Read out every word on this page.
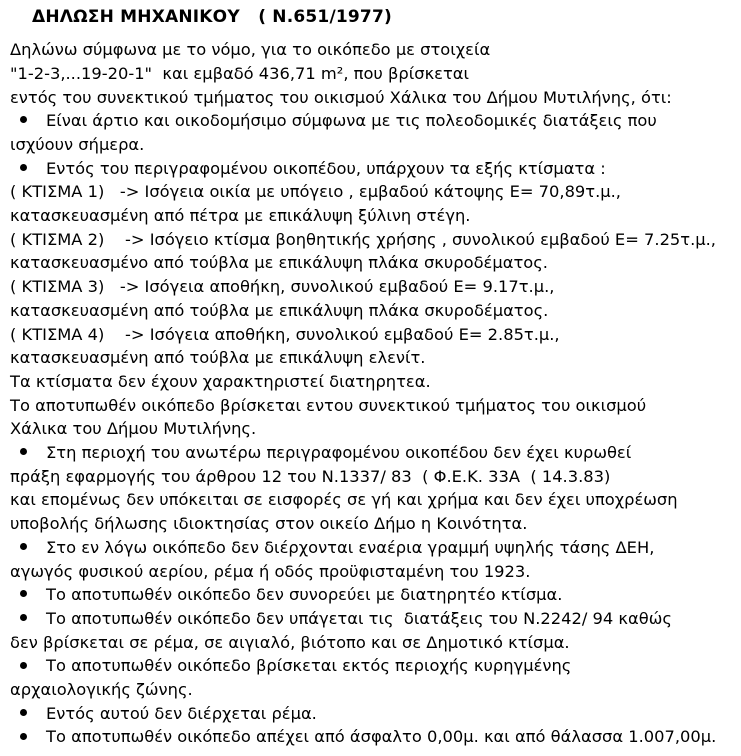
ΔΗΛΩΣΗ ΜΗΧΑΝΙΚΟΥ   ( Ν.651/1977)

Δηλώνω σύμφωνα με το νόμο, για το οικόπεδο με στοιχεία

"1-2-3,...19-20-1"  και εμβαδό 436,71 m², που βρίσκεται

εντός του συνεκτικού τμήματος του οικισμού Χάλικα του Δήμου Μυτιλήνης, ότι:

Είναι άρτιο και οικοδομήσιμο σύμφωνα με τις πολεοδομικές διατάξεις που

ισχύουν σήμερα.

Εντός του περιγραφομένου οικοπέδου, υπάρχουν τα εξής κτίσματα :

( ΚΤΙΣΜΑ 1)   -> Ισόγεια οικία με υπόγειο , εμβαδού κάτοψης Ε= 70,89τ.μ.,

κατασκευασμένη από πέτρα με επικάλυψη ξύλινη στέγη.

( ΚΤΙΣΜΑ 2)    -> Ισόγειο κτίσμα βοηθητικής χρήσης , συνολικού εμβαδού Ε= 7.25τ.μ.,

κατασκευασμένο από τούβλα με επικάλυψη πλάκα σκυροδέματος.

( ΚΤΙΣΜΑ 3)   -> Ισόγεια αποθήκη, συνολικού εμβαδού Ε= 9.17τ.μ.,

κατασκευασμένη από τούβλα με επικάλυψη πλάκα σκυροδέματος.

( ΚΤΙΣΜΑ 4)    -> Ισόγεια αποθήκη, συνολικού εμβαδού Ε= 2.85τ.μ.,

κατασκευασμένη από τούβλα με επικάλυψη ελενίτ.

Τα κτίσματα δεν έχουν χαρακτηριστεί διατηρητεα.

Το αποτυπωθέν οικόπεδο βρίσκεται εντου συνεκτικού τμήματος του οικισμού

Χάλικα του Δήμου Μυτιλήνης.

Στη περιοχή του ανωτέρω περιγραφομένου οικοπέδου δεν έχει κυρωθεί

πράξη εφαρμογής του άρθρου 12 του Ν.1337/ 83  ( Φ.Ε.Κ. 33Α  ( 14.3.83)

και επομένως δεν υπόκειται σε εισφορές σε γή και χρήμα και δεν έχει υποχρέωση

υποβολής δήλωσης ιδιοκτησίας στον οικείο Δήμο η Κοινότητα.

Στο εν λόγω οικόπεδο δεν διέρχονται εναέρια γραμμή υψηλής τάσης ΔΕΗ,

αγωγός φυσικού αερίου, ρέμα ή οδός προϋφισταμένη του 1923.

Το αποτυπωθέν οικόπεδο δεν συνορεύει με διατηρητέο κτίσμα.

Το αποτυπωθέν οικόπεδο δεν υπάγεται τις  διατάξεις του Ν.2242/ 94 καθώς

δεν βρίσκεται σε ρέμα, σε αιγιαλό, βιότοπο και σε Δημοτικό κτίσμα.

Το αποτυπωθέν οικόπεδο βρίσκεται εκτός περιοχής κυρηγμένης

αρχαιολογικής ζώνης.

Εντός αυτού δεν διέρχεται ρέμα.

Το αποτυπωθέν οικόπεδο απέχει από άσφαλτο 0,00μ. και από θάλασσα 1.007,00μ.
